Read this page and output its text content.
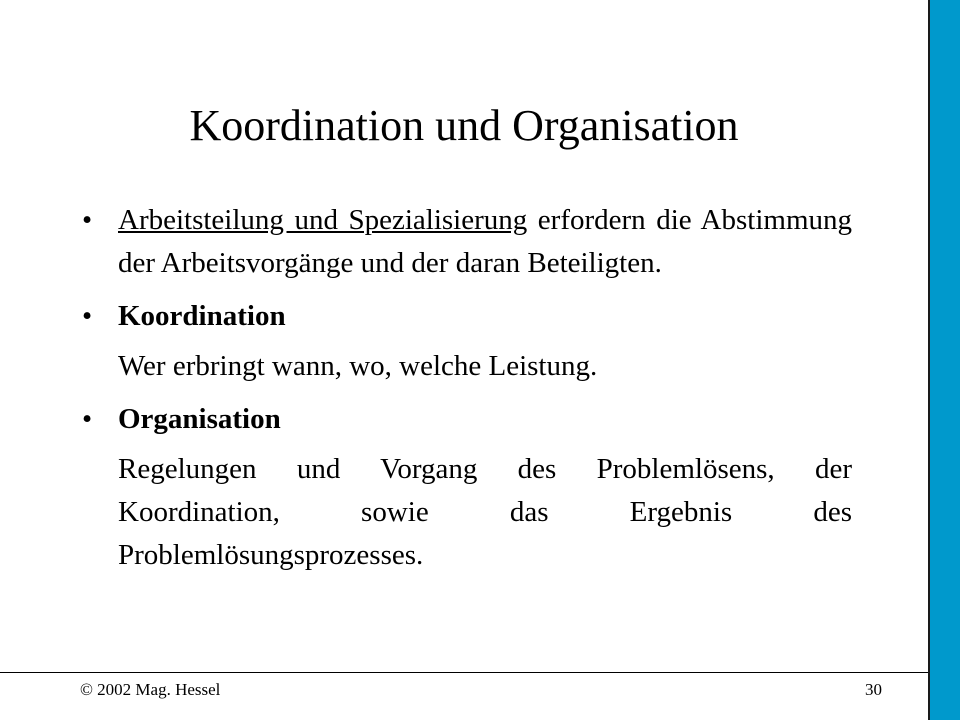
Koordination und Organisation
• Arbeitsteilung und Spezialisierung erfordern die Abstimmung der Arbeitsvorgänge und der daran Beteiligten.
• Koordination
Wer erbringt wann, wo, welche Leistung.
• Organisation
Regelungen und Vorgang des Problemlösens, der Koordination, sowie das Ergebnis des Problemlösungsprozesses.
© 2002 Mag. Hessel	30
